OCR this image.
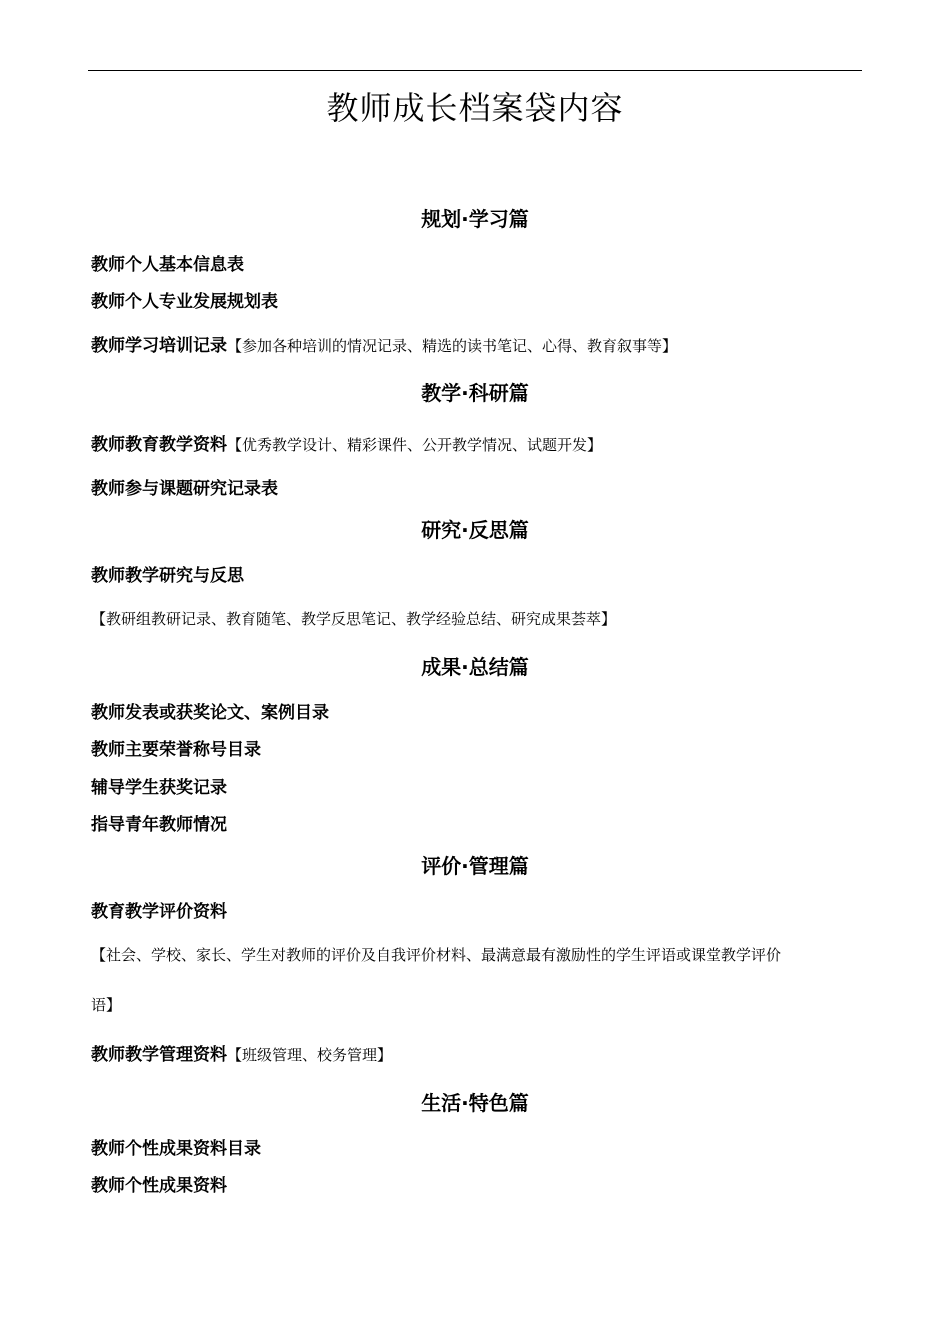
教师成长档案袋内容
规划·学习篇
教师个人基本信息表
教师个人专业发展规划表
教师学习培训记录【参加各种培训的情况记录、精选的读书笔记、心得、教育叙事等】
教学·科研篇
教师教育教学资料【优秀教学设计、精彩课件、公开教学情况、试题开发】
教师参与课题研究记录表
研究·反思篇
教师教学研究与反思
【教研组教研记录、教育随笔、教学反思笔记、教学经验总结、研究成果荟萃】
成果·总结篇
教师发表或获奖论文、案例目录
教师主要荣誉称号目录
辅导学生获奖记录
指导青年教师情况
评价·管理篇
教育教学评价资料
【社会、学校、家长、学生对教师的评价及自我评价材料、最满意最有激励性的学生评语或课堂教学评价
语】
教师教学管理资料【班级管理、校务管理】
生活·特色篇
教师个性成果资料目录
教师个性成果资料
